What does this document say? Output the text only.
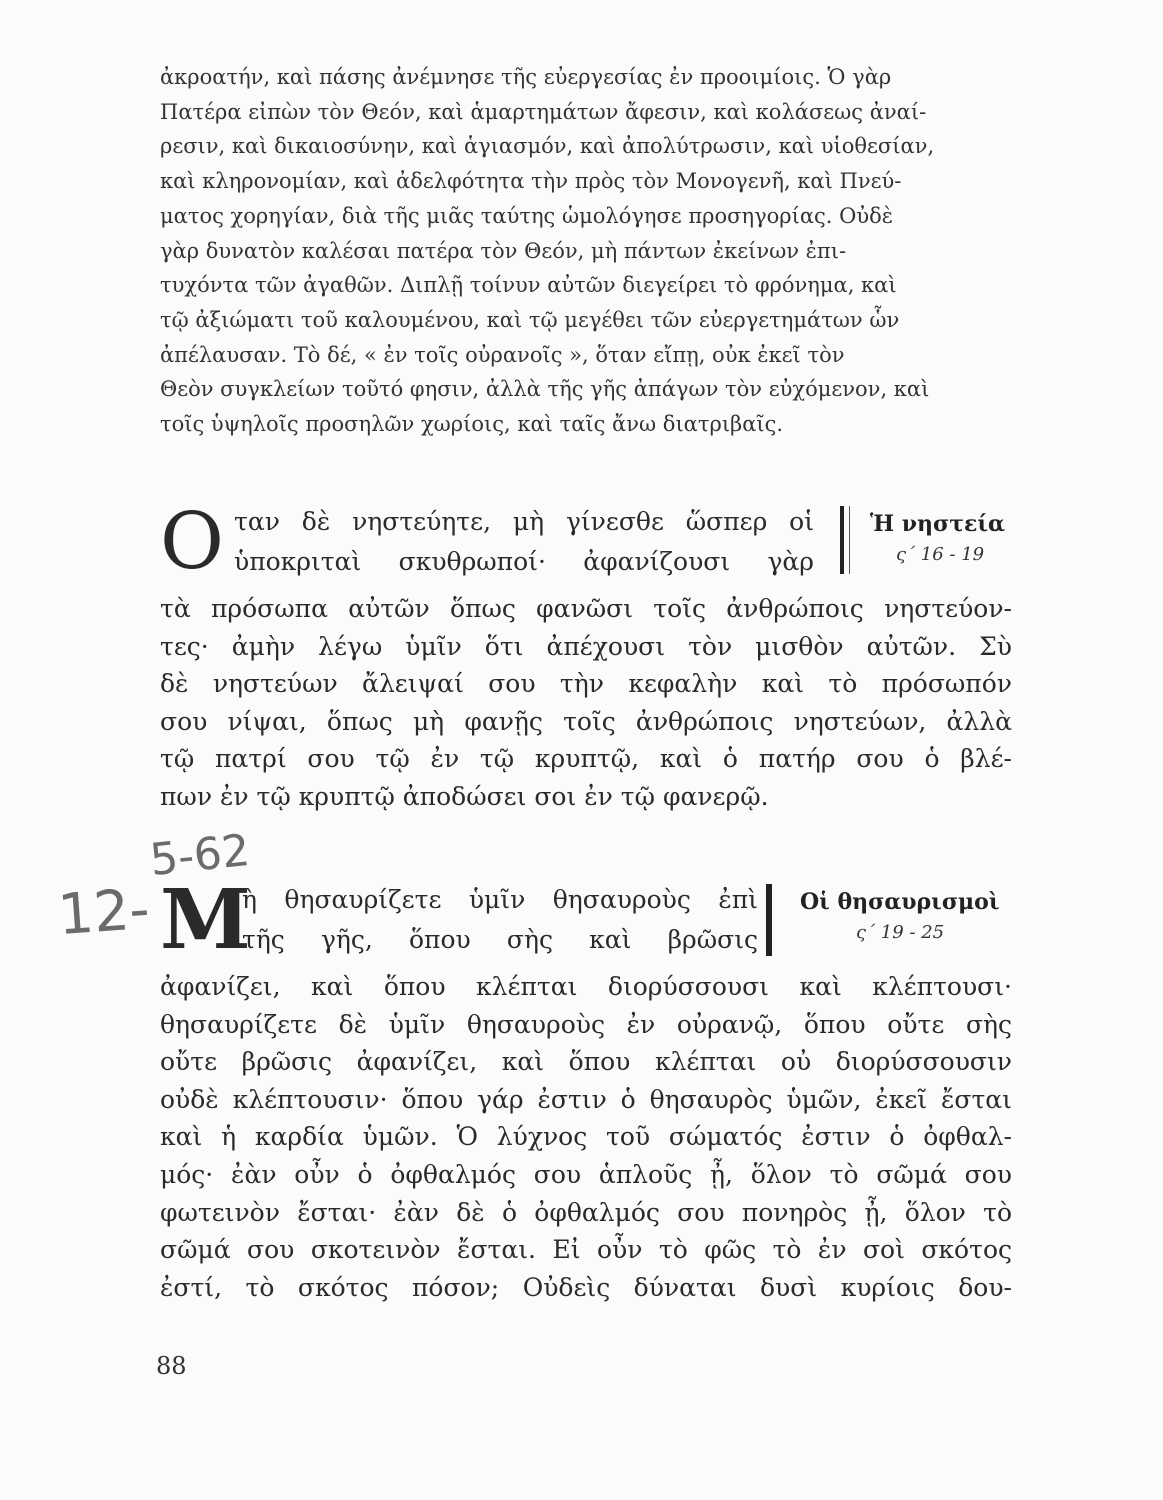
ἀκροατήν, καὶ πάσης ἀνέμνησε τῆς εὐεργεσίας ἐν προοιμίοις. Ὁ γὰρ
Πατέρα εἰπὼν τὸν Θεόν, καὶ ἁμαρτημάτων ἄφεσιν, καὶ κολάσεως ἀναί-
ρεσιν, καὶ δικαιοσύνην, καὶ ἁγιασμόν, καὶ ἀπολύτρωσιν, καὶ υἱοθεσίαν,
καὶ κληρονομίαν, καὶ ἀδελφότητα τὴν πρὸς τὸν Μονογενῆ, καὶ Πνεύ-
ματος χορηγίαν, διὰ τῆς μιᾶς ταύτης ὡμολόγησε προσηγορίας. Οὐδὲ
γὰρ δυνατὸν καλέσαι πατέρα τὸν Θεόν, μὴ πάντων ἐκείνων ἐπι-
τυχόντα τῶν ἀγαθῶν. Διπλῇ τοίνυν αὐτῶν διεγείρει τὸ φρόνημα, καὶ
τῷ ἀξιώματι τοῦ καλουμένου, καὶ τῷ μεγέθει τῶν εὐεργετημάτων ὧν
ἀπέλαυσαν. Τὸ δέ, « ἐν τοῖς οὐρανοῖς », ὅταν εἴπῃ, οὐκ ἐκεῖ τὸν
Θεὸν συγκλείων τοῦτό φησιν, ἀλλὰ τῆς γῆς ἀπάγων τὸν εὐχόμενον, καὶ
τοῖς ὑψηλοῖς προσηλῶν χωρίοις, καὶ ταῖς ἄνω διατριβαῖς.
Ο ταν δὲ νηστεύητε, μὴ γίνεσθε ὥσπερ οἱ
ὑποκριταὶ σκυθρωποί· ἀφανίζουσι γὰρ
Ἡ νηστεία
ς΄ 16 - 19
τὰ πρόσωπα αὐτῶν ὅπως φανῶσι τοῖς ἀνθρώποις νηστεύον-
τες· ἀμὴν λέγω ὑμῖν ὅτι ἀπέχουσι τὸν μισθὸν αὐτῶν. Σὺ
δὲ νηστεύων ἄλειψαί σου τὴν κεφαλὴν καὶ τὸ πρόσωπόν
σου νίψαι, ὅπως μὴ φανῇς τοῖς ἀνθρώποις νηστεύων, ἀλλὰ
τῷ πατρί σου τῷ ἐν τῷ κρυπτῷ, καὶ ὁ πατήρ σου ὁ βλέ-
πων ἐν τῷ κρυπτῷ ἀποδώσει σοι ἐν τῷ φανερῷ.
5-62
12- Μ
ὴ θησαυρίζετε ὑμῖν θησαυροὺς ἐπὶ
τῆς γῆς, ὅπου σὴς καὶ βρῶσις
Οἱ θησαυρισμοὶ
ς΄ 19 - 25
ἀφανίζει, καὶ ὅπου κλέπται διορύσσουσι καὶ κλέπτουσι·
θησαυρίζετε δὲ ὑμῖν θησαυροὺς ἐν οὐρανῷ, ὅπου οὔτε σὴς
οὔτε βρῶσις ἀφανίζει, καὶ ὅπου κλέπται οὐ διορύσσουσιν
οὐδὲ κλέπτουσιν· ὅπου γάρ ἐστιν ὁ θησαυρὸς ὑμῶν, ἐκεῖ ἔσται
καὶ ἡ καρδία ὑμῶν. Ὁ λύχνος τοῦ σώματός ἐστιν ὁ ὀφθαλ-
μός· ἐὰν οὖν ὁ ὀφθαλμός σου ἁπλοῦς ᾖ, ὅλον τὸ σῶμά σου
φωτεινὸν ἔσται· ἐὰν δὲ ὁ ὀφθαλμός σου πονηρὸς ᾖ, ὅλον τὸ
σῶμά σου σκοτεινὸν ἔσται. Εἰ οὖν τὸ φῶς τὸ ἐν σοὶ σκότος
ἐστί, τὸ σκότος πόσον; Οὐδεὶς δύναται δυσὶ κυρίοις δου-
88
